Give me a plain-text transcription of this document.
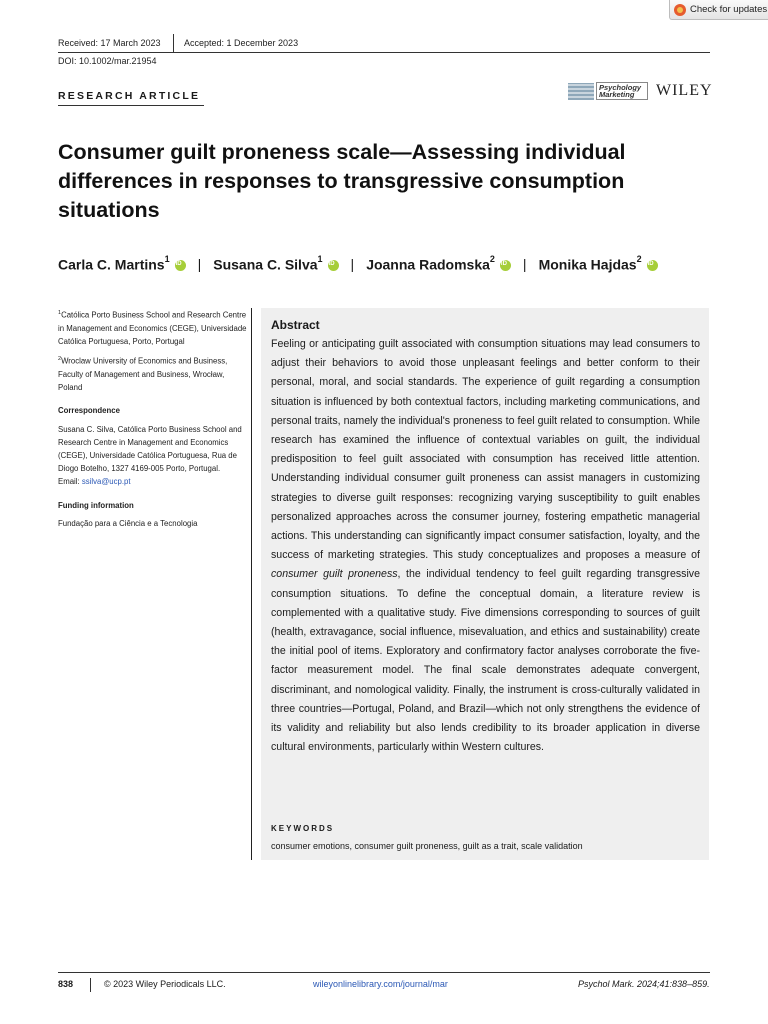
Check for updates
Received: 17 March 2023	Accepted: 1 December 2023
DOI: 10.1002/mar.21954
RESEARCH ARTICLE
Psychology Marketing	WILEY
Consumer guilt proneness scale—Assessing individual differences in responses to transgressive consumption situations
Carla C. Martins$^1$ iD | Susana C. Silva$^1$ iD | Joanna Radomska$^2$ iD | Monika Hajdas$^2$
iD

$^1$Católica Porto Business School and Research Centre in Management and Economics (CEGE), Universidade Católica Portuguesa, Porto, Portugal

$^2$Wroclaw University of Economics and Business, Faculty of Management and Business, Wrocław, Poland

Correspondence

Susana C. Silva, Católica Porto Business School and Research Centre in Management and Economics (CEGE), Universidade Católica Portuguesa, Rua de Diogo Botelho, 1327 4169-005 Porto, Portugal.

Email: ssilva@ucp.pt

Funding information

Fundação para a Ciência e a Tecnologia

Abstract
Feeling or anticipating guilt associated with consumption situations may lead consumers to adjust their behaviors to avoid those unpleasant feelings and better conform to their personal, moral, and social standards. The experience of guilt regarding a consumption situation is influenced by both contextual factors, including marketing communications, and personal traits, namely the individual's proneness to feel guilt related to consumption. While research has examined the influence of contextual variables on guilt, the individual predisposition to feel guilt associated with consumption has received little attention. Understanding individual consumer guilt proneness can assist managers in customizing strategies to diverse guilt responses: recognizing varying susceptibility to guilt enables personalized approaches across the consumer journey, fostering empathetic managerial actions. This understanding can significantly impact consumer satisfaction, loyalty, and the success of marketing strategies. This study conceptualizes and proposes a measure of consumer guilt proneness, the individual tendency to feel guilt regarding transgressive consumption situations. To define the conceptual domain, a literature review is complemented with a qualitative study. Five dimensions corresponding to sources of guilt (health, extravagance, social influence, misevaluation, and ethics and sustainability) create the initial pool of items. Exploratory and confirmatory factor analyses corroborate the five-factor measurement model. The final scale demonstrates adequate convergent, discriminant, and nomological validity. Finally, the instrument is cross-culturally validated in three countries—Portugal, Poland, and Brazil—which not only strengthens the evidence of its validity and reliability but also lends credibility to its broader application in diverse cultural environments, particularly within Western cultures.
KEYWORDS
consumer emotions, consumer guilt proneness, guilt as a trait, scale validation
838	© 2023 Wiley Periodicals LLC.	wileyonlinelibrary.com/journal/mar	Psychol Mark. 2024;41:838–859.
